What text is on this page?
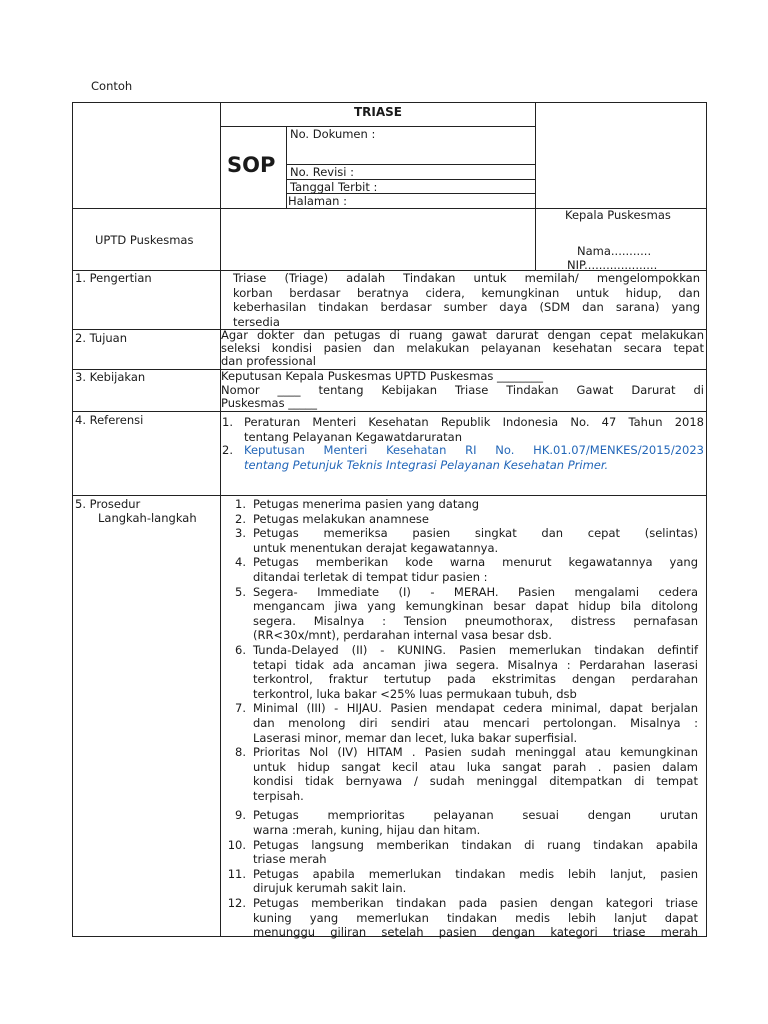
Contoh
TRIASE
SOP
No. Dokumen :
No. Revisi :
Tanggal Terbit :
Halaman :
UPTD Puskesmas
Kepala Puskesmas
Nama...........
NIP....................
1. Pengertian	Triase (Triage) adalah Tindakan untuk memilah/ mengelompokkan

korban berdasar beratnya cidera, kemungkinan untuk hidup, dan

keberhasilan tindakan berdasar sumber daya (SDM dan sarana) yang

tersedia

2. Tujuan	Agar dokter dan petugas di ruang gawat darurat dengan cepat melakukan

seleksi kondisi pasien dan melakukan pelayanan kesehatan secara tepat

dan professional

3. Kebijakan	Keputusan Kepala Puskesmas UPTD Puskesmas ________

Nomor ____ tentang Kebijakan Triase Tindakan Gawat Darurat di

Puskesmas _____

4. Referensi	1. Peraturan Menteri Kesehatan Republik Indonesia No. 47 Tahun 2018

tentang Pelayanan Kegawatdaruratan

2. Keputusan Menteri Kesehatan RI No. HK.01.07/MENKES/2015/2023

tentang Petunjuk Teknis Integrasi Pelayanan Kesehatan Primer.

5. Prosedur
Langkah-langkah
1. Petugas menerima pasien yang datang

2. Petugas melakukan anamnese

3. Petugas memeriksa pasien singkat dan cepat (selintas)

untuk menentukan derajat kegawatannya.

4. Petugas memberikan kode warna menurut kegawatannya yang

ditandai terletak di tempat tidur pasien :

5. Segera- Immediate (I) - MERAH. Pasien mengalami cedera

mengancam jiwa yang kemungkinan besar dapat hidup bila ditolong

segera. Misalnya : Tension pneumothorax, distress pernafasan

(RR<30x/mnt), perdarahan internal vasa besar dsb.

6. Tunda-Delayed (II) - KUNING. Pasien memerlukan tindakan defintif

tetapi tidak ada ancaman jiwa segera. Misalnya : Perdarahan laserasi

terkontrol, fraktur tertutup pada ekstrimitas dengan perdarahan

terkontrol, luka bakar <25% luas permukaan tubuh, dsb

7. Minimal (III) - HIJAU. Pasien mendapat cedera minimal, dapat berjalan

dan menolong diri sendiri atau mencari pertolongan. Misalnya :

Laserasi minor, memar dan lecet, luka bakar superfisial.

8. Prioritas Nol (IV) HITAM . Pasien sudah meninggal atau kemungkinan

untuk hidup sangat kecil atau luka sangat parah . pasien dalam

kondisi tidak bernyawa / sudah meninggal ditempatkan di tempat

terpisah.

9. Petugas memprioritas pelayanan sesuai dengan urutan

warna :merah, kuning, hijau dan hitam.

10. Petugas langsung memberikan tindakan di ruang tindakan apabila

triase merah

11. Petugas apabila memerlukan tindakan medis lebih lanjut, pasien

dirujuk kerumah sakit lain.

12. Petugas memberikan tindakan pada pasien dengan kategori triase

kuning yang memerlukan tindakan medis lebih lanjut dapat

menunggu giliran setelah pasien dengan kategori triase merah
